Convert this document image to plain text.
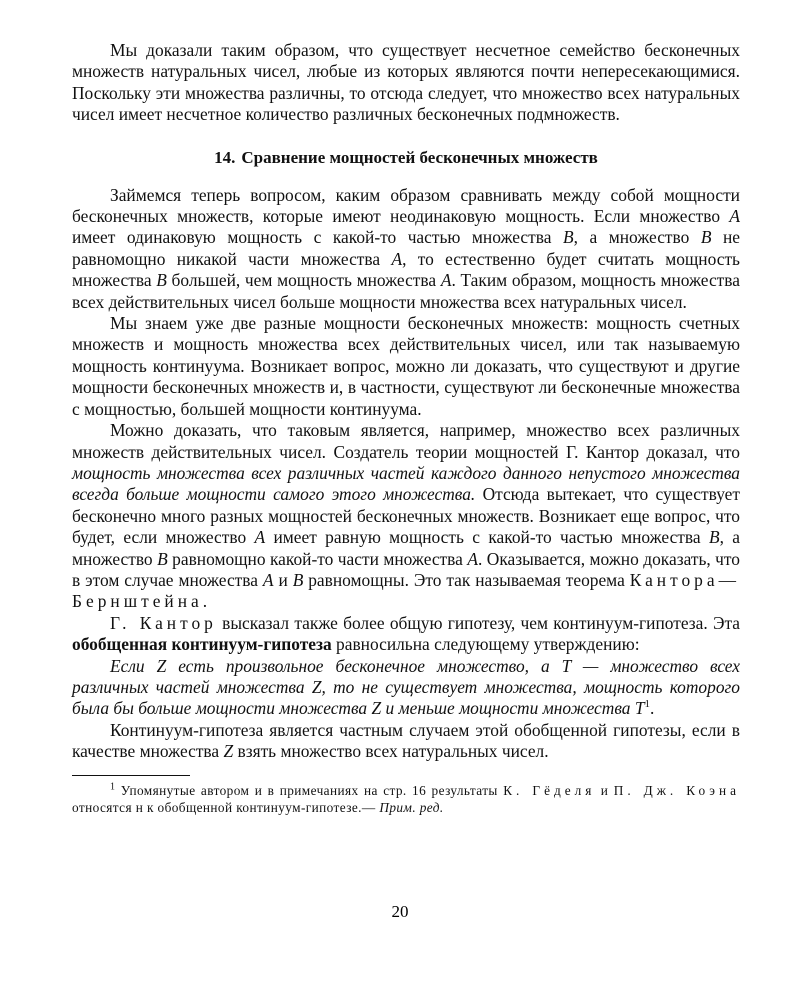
Мы доказали таким образом, что существует несчетное семейство бесконечных множеств натуральных чисел, любые из которых являются почти непересекающимися. Поскольку эти множества различны, то отсюда следует, что множество всех натуральных чисел имеет несчетное количество различных бесконечных подмножеств.

14. Сравнение мощностей бесконечных множеств

Займемся теперь вопросом, каким образом сравнивать между собой мощности бесконечных множеств, которые имеют неодинаковую мощность. Если множество A имеет одинаковую мощность с какой-то частью множества B, а множество B не равномощно никакой части множества A, то естественно будет считать мощность множества B большей, чем мощность множества A. Таким образом, мощность множества всех действительных чисел больше мощности множества всех натуральных чисел.

Мы знаем уже две разные мощности бесконечных множеств: мощность счетных множеств и мощность множества всех действительных чисел, или так называемую мощность континуума. Возникает вопрос, можно ли доказать, что существуют и другие мощности бесконечных множеств и, в частности, существуют ли бесконечные множества с мощностью, большей мощности континуума.

Можно доказать, что таковым является, например, множество всех различных множеств действительных чисел. Создатель теории мощностей Г. Кантор доказал, что мощность множества всех различных частей каждого данного непустого множества всегда больше мощности самого этого множества. Отсюда вытекает, что существует бесконечно много разных мощностей бесконечных множеств. Возникает еще вопрос, что будет, если множество A имеет равную мощность с какой-то частью множества B, а множество B равномощно какой-то части множества A. Оказывается, можно доказать, что в этом случае множества A и B равномощны. Это так называемая теорема Кантора—Бернштейна.

Г. Кантор высказал также более общую гипотезу, чем континуум-гипотеза. Эта обобщенная континуум-гипотеза равносильна следующему утверждению:

Если Z есть произвольное бесконечное множество, а T — множество всех различных частей множества Z, то не существует множества, мощность которого была бы больше мощности множества Z и меньше мощности множества $T^1$.

Континуум-гипотеза является частным случаем этой обобщенной гипотезы, если в качестве множества Z взять множество всех натуральных чисел.

$^1$ Упомянутые автором и в примечаниях на стр. 16 результаты К. Гёделя и П. Дж. Коэна относятся н к обобщенной континуум-гипотезе.— Прим. ред.

20
